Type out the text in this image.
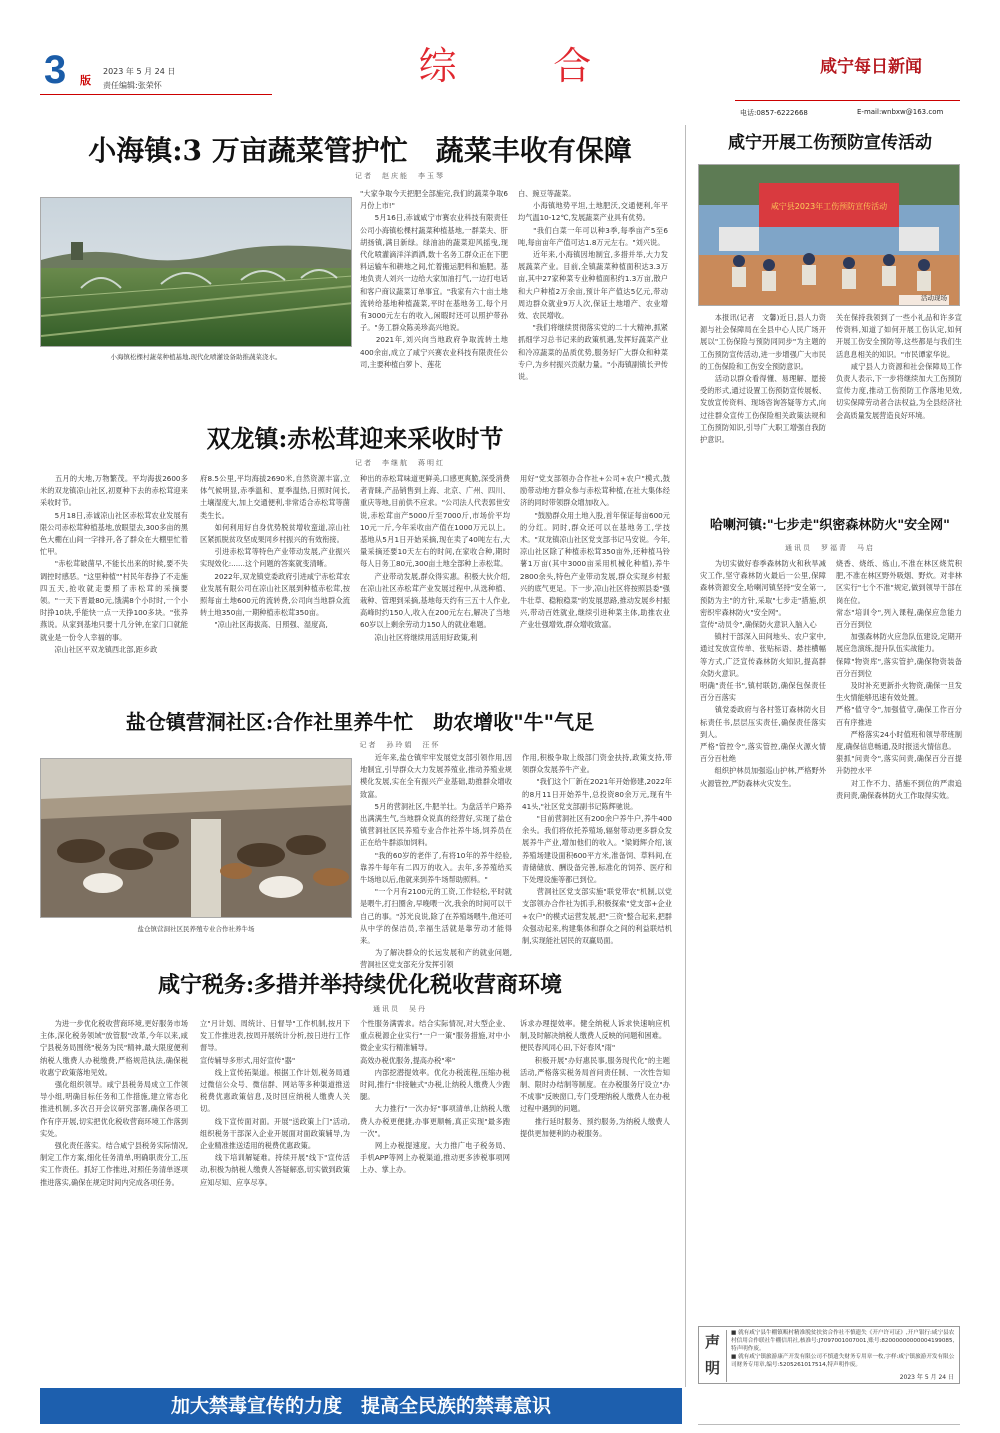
3 版
2023 年 5 月 24 日
责任编辑:张荣怀	综        合	咸宁每日新闻
电话:0857-6222668	E-mail:wnbxw@163.com
小海镇:3 万亩蔬菜管护忙　蔬菜丰收有保障
记者　赵庆能　李玉琴
小海镇松棵村蔬菜种植基地,现代化喷灌设备助推蔬菜浇水。
"大家争取今天把肥全部施完,我们的蔬菜争取6月份上市!"
　　5月16日,赤诚咸宁市赛农业科技有限责任公司小海镇松棵村蔬菜种植基地,一群菜夫、肝胡扬镇,满目新绿。绿油油的蔬菜迎风摇曳,现代化喷灌滴洋洋洒洒,数十名务工群众正在下肥料运输车和耕地之间,忙着搬运肥料和施肥。基地负责人刘兴一边给大家加油打气,一边打电话和客户商议蔬菜订单事宜。"我家有六十亩土地流转给基地种植蔬菜,平时在基地务工,每个月有3000元左右的收入,闲暇时还可以照护带孙子。"务工群众陈美珍高兴地说。
　　2021年,刘兴向当地政府争取流转土地400余亩,成立了咸宁兴赛农业科技有限责任公司,主要种植白萝卜、莲花
白、豌豆等蔬菜。
　　小海镇地势平坦,土地肥沃,交通便利,年平均气温10-12℃,发展蔬菜产业具有优势。
　　"我们白菜一年可以种3季,每季亩产5至6吨,每亩亩年产值可达1.8万元左右。"刘兴说。
　　近年来,小海镇因地制宜,多措并举,大力发展蔬菜产业。目前,全镇蔬菜种植面积达3.3万亩,其中27家种菜专业种植面积约1.3万亩,散户和大户种植2万余亩,预计年产值达5亿元,带动周边群众就业9万人次,保证土地增产、农业增效、农民增收。
　　"我们将继续贯彻落实党的二十大精神,抓紧抓细学习总书记来的政策机遇,发挥好蔬菜产业和冷凉蔬菜的品质优势,服务好广大群众和种菜专户,为乡村振兴贡献力量。"小海镇副镇长尹传说。
双龙镇:赤松茸迎来采收时节
记者　李继航　蒋明红
　　五月的大地,万物繁茂。平均海拔2600多米的双龙镇凉山社区,初夏种下去的赤松茸迎来采收时节。
　　5月18日,赤诚凉山社区赤松茸农业发展有限公司赤松茸种植基地,放眼望去,300多亩的黑色大棚在山间一字排开,各了群众在大棚里忙着忙甲。
　　"赤松茸破菌早,不能长出来的时候,要不失调控时感恶。"这里种植""村民年春挣了不走施四五天,抢收就走要照了赤松茸的采摘要领。"一天下晋最80元,饿满8个小时时,一个小时挣10块,乎能快一点一天挣100多块。"张养燕说。从家到基地只要十几分钟,在家门口就能就业是一份令人幸福的事。
　　凉山社区平双龙镇西北部,距乡政
府8.5公里,平均海拔2690米,自然资源丰富,立体气候明显,赤季温和、夏季温热,日照时间长,土壤湿度大,加上交通便利,非常适合赤松茸等菌类生长。
　　如何利用好自身优势脱贫增收蛮道,凉山社区紧抓脱贫攻坚成果同乡村振兴的有效衔接。
　　引进赤松茸等特色产业带动发展,产业振兴实现效化:......这个问题的答案就变清晰。
　　2022年,双龙镇党委政府引进咸宁赤松茸农业发展有限公司在凉山社区展到种植赤松茸,按照每亩土地600元的流转费,公司向当地群众流转土地350亩,一期种植赤松茸350亩。
　　"凉山社区海拔高、日照强、湿度高,
种出的赤松茸味道更鲜美,口感更爽脆,深受消费者青睐,产品销售到上海、北京、广州、四川、重庆等地,目前供不应求。"公司法人代表郭世安说,赤松茸亩产5000斤至7000斤,市场价平均10元一斤,今年采收亩产值在1000万元以上。基地从5月1日开始采摘,现在卖了40吨左右,大量采摘还要10天左右的时间,在家收合种,期时每人日务工80元,300亩土地全部种上赤松茸。
　　产业带动发展,群众得实惠。积极大伙介绍,在凉山社区赤松茸产业发展过程中,从选种植、栽种、管理到采摘,基地每天约有三五十人作业,高峰时约150人,收入在200元左右,解决了当地60岁以上剩余劳动力150人的就业难题。
　　凉山社区将继续用活用好政策,利
用好"党支部领办合作社+公司+农户"模式,鼓励带动地方群众参与赤松茸种植,在社大集体经济的同时带领群众增加收入。
　　"鼓励群众用土地入股,首年保证每亩600元的分红。同时,群众还可以在基地务工,学技术。"双龙镇凉山社区党支部书记马安说。今年,凉山社区除了种植赤松茸350亩外,还种植马铃薯1万亩(其中3000亩采用机械化种植),养牛2800余头,特色产业带动发展,群众实现乡村振兴的底气更足。下一步,凉山社区将按照县委"强牛壮草、稳粮稳菜"的发展思路,推动发展乡村振兴,带动百姓就业,继续引进种菜主体,助推农业产业壮强增效,群众增收致富。
盐仓镇营洞社区:合作社里养牛忙　助农增收"牛"气足
记者　孙玲娟　汪怀
盐仓镇营洞社区民养殖专业合作社养牛场
　　近年来,盐仓镇牢牢发展党支部引领作用,因地制宜,引导群众大力发展养殖业,推动养殖业规模化发展,实在全有振兴产业基础,助推群众增收致富。
　　5月的营洞社区,牛肥羊壮。为盘活羊户路养出满满生气,当地群众说真的经营好,实现了盐仓镇营洞社区民养殖专业合作社养牛场,饲养员在正在给牛群添加饲料。
　　"我的60岁的老伴了,有将10年的养牛经验,靠养牛每年有二四万的收入。去年,多养殖给买牛场地以后,他就来到养牛场帮助照料。"
　　"一个月有2100元的工资,工作轻松,平时就是喂牛,打扫圈舍,早晚喂一次,我余的时间可以干自己的事。"苏光良说,除了在养殖场喂牛,他还可从中学的保洁员,幸福生活就是靠劳动才能得来。
　　为了解决群众的长远发展和产的就业问题,营洞社区党支部充分发挥引领
作用,积极争取上级部门资金扶持,政策支持,带领群众发展养牛产业。
　　"我们这个厂新在2021年开始修建,2022年的8月11日开始养牛,总投资80余万元,现有牛41头,"社区党支部副书记陈辉驰说。
　　"目前营洞社区有200余户养牛户,养牛400余头。我们将依托养殖场,辐射带动更多群众发展养牛产业,增加他们的收入。"梁姆辉介绍,该养殖场建设面积600平方米,准备饲、草料间,在青储储放、酬设备完善,标准化的饲养、医疗和下处理设施等都已到位。
　　营洞社区党支部实施"联党带农"机制,以党支部领办合作社为抓手,积极探索"党支部+企业+农户"的模式运营发展,把"三资"整合起来,把群众强动起来,构建集体和群众之间的利益联结机制,实现能社居民的双赢局面。
咸宁税务:多措并举持续优化税收营商环境
通讯员　吴丹
　　为进一步优化税收营商环境,更好服务市场主体,深化税务领域"放管服"改革,今年以来,咸宁县税务局围绕"税务为民"精神,最大限度便利纳税人缴费人办税缴费,严格规范执法,确保税收惠宁政策落地见效。
　　强化组织领导。咸宁县税务局成立工作领导小组,明确目标任务和工作措施,建立常态化推进机制,多次召开会议研究部署,确保各项工作有序开展,切实把优化税收营商环境工作落到实处。
　　强化责任落实。结合咸宁县税务实际情况,制定工作方案,细化任务清单,明确职责分工,压实工作责任。抓好工作推进,对照任务清单逐项推进落实,确保在规定时间内完成各项任务。
立"月计划、周统计、日督导"工作机制,按月下发工作推进表,按周开展统计分析,按日进行工作督导。
宣传辅导多形式,用好宣传"器"
　　线上宣传拓渠道。根据工作计划,税务局通过微信公众号、微信群、网站等多种渠道推送税费优惠政策信息,及时回应纳税人缴费人关切。
　　线下宣传面对面。开展"送政策上门"活动,组织税务干部深入企业开展面对面政策辅导,为企业精准推送适用的税费优惠政策。
　　线下培训解疑难。持续开展"线下"宣传活动,积极为纳税人缴费人答疑解惑,切实做到政策应知尽知、应享尽享。
个性服务满需求。结合实际情况,对大型企业、重点税源企业实行"一户一策"服务措施,对中小微企业实行精准辅导。
高效办税优服务,提高办税"率"
　　内部挖潜提效率。优化办税流程,压缩办税时间,推行"非接触式"办税,让纳税人缴费人少跑腿。
　　大力推行"一次办好"事项清单,让纳税人缴费人办税更便捷,办事更顺畅,真正实现"最多跑一次"。
　　网上办税提速度。大力推广电子税务局、手机APP等网上办税渠道,推动更多涉税事项网上办、掌上办。
诉求办理提效率。健全纳税人诉求快速响应机制,及时解决纳税人缴费人反映的问题和困难。
便民春风同心田,下好春风"雨"
　　积极开展"办好惠民事,服务现代化"的主题活动,严格落实税务局首问责任制、一次性告知制、限时办结制等制度。在办税服务厅设立"办不成事"反映窗口,专门受理纳税人缴费人在办税过程中遇到的问题。
　　推行延时服务、预约服务,为纳税人缴费人提供更加便利的办税服务。
咸宁开展工伤预防宣传活动
咸宁县2023年工伤预防宣传活动
活动现场
　　本报讯(记者　文馨)近日,县人力资源与社会保障局在全县中心人民广场开展以"工伤保险与预防同同步"为主题的工伤预防宣传活动,进一步增强广大市民的工伤保险和工伤安全预防意识。
　　活动以群众看得懂、易理解、愿接受的形式,通过设置工伤预防宣传展板、发放宣传资料、现场咨询答疑等方式,向过往群众宣传工伤保险相关政策法规和工伤预防知识,引导广大职工增强自我防护意识。
关在保持我领到了一些小礼品和许多宣传资料,知道了如何开展工伤认定,如何开展工伤安全预防等,这些都是与我们生活息息相关的知识。"市民谭家华说。
　　咸宁县人力资源和社会保障局工作负责人表示,下一步将继续加大工伤预防宣传力度,推动工伤预防工作落地见效,切实保障劳动者合法权益,为全县经济社会高质量发展营造良好环境。
哈喇河镇:"七步走"织密森林防火"安全网"
通讯员　罗福青　马启
　　为切实做好春季森林防火和秋旱减灾工作,坚守森林防火最后一公里,保障森林资源安全,哈喇河镇坚持"安全第一,预防为主"的方针,采取"七步走"措施,织密织牢森林防火"安全网"。
宣传"动员令",确保防火意识入脑入心
　　镇村干部深入田间地头、农户家中,通过发放宣传单、张贴标语、悬挂横幅等方式,广泛宣传森林防火知识,提高群众防火意识。
明确"责任书",镇村联防,确保包保责任百分百落实
　　镇党委政府与各村签订森林防火目标责任书,层层压实责任,确保责任落实到人。
严格"管控令",落实管控,确保火源火情百分百杜绝
　　组织护林员加强巡山护林,严格野外火源管控,严防森林火灾发生。
烧香、烧纸、炼山,不准在林区烧荒积肥,不准在林区野外吸烟、野炊。对非林区实行"七个不准"规定,做到领导干部在岗在位。
常态"培训令",列入课程,确保应急能力百分百到位
　　加强森林防火应急队伍建设,定期开展应急演练,提升队伍实战能力。
保障"物资库",落实管护,确保物资装备百分百到位
　　及时补充更新扑火物资,确保一旦发生火情能够迅速有效处置。
严格"值守令",加强值守,确保工作百分百有序推进
　　严格落实24小时值班和领导带班制度,确保信息畅通,及时报送火情信息。
狠抓"问责令",落实问责,确保百分百提升防控水平
　　对工作不力、措施不到位的严肃追责问责,确保森林防火工作取得实效。
声
明
■ 就有咸宁县牛棚镇畈村精准脱贫扶贫合作社不慎遗失《开户许可证》,开户银行:咸宁县农村信用合作联社牛棚信用社,核准号:J7097001007001,账号:82000000000004199085,特声明作废。
■ 就有咸宁镇旅游康产开发有限公司不慎遗失财务专用章一枚,字样:咸宁镇旅游开发有限公司财务专用章,编号:5205261017514,特声明作废。
2023 年 5 月 24 日
加大禁毒宣传的力度　提高全民族的禁毒意识
